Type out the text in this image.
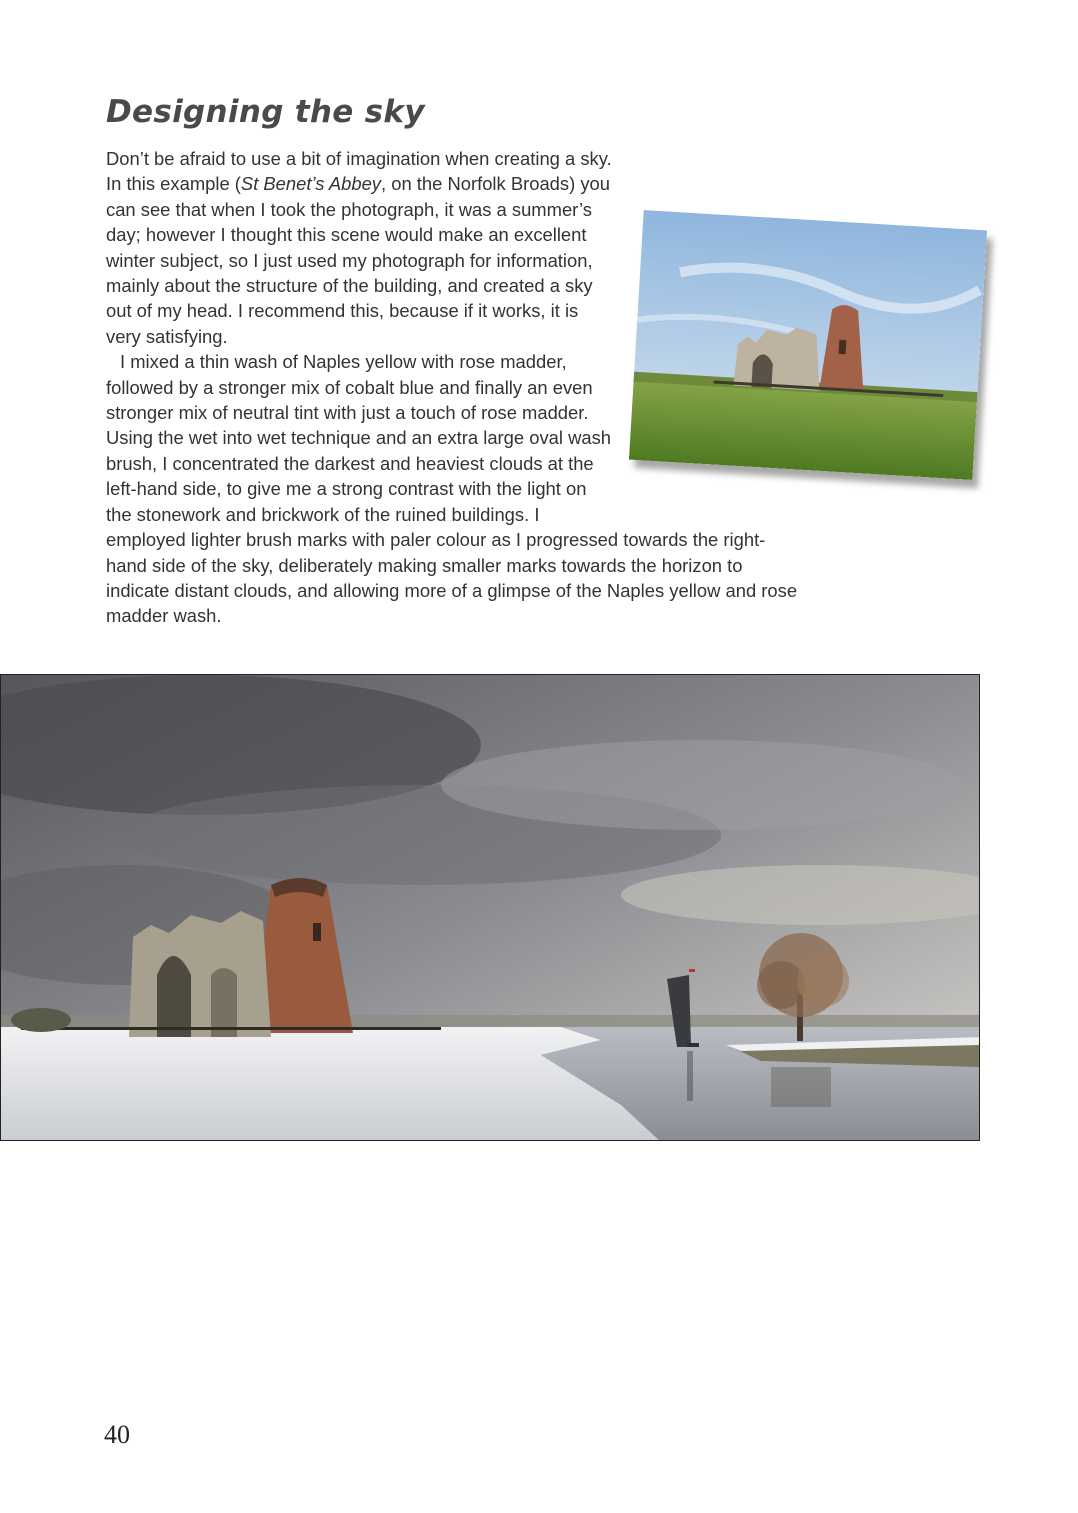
Designing the sky

Don’t be afraid to use a bit of imagination when creating a sky. In this example (St Benet’s Abbey, on the Norfolk Broads) you can see that when I took the photograph, it was a summer’s day; however I thought this scene would make an excellent winter subject, so I just used my photograph for information, mainly about the structure of the building, and created a sky out of my head. I recommend this, because if it works, it is very satisfying.

I mixed a thin wash of Naples yellow with rose madder, followed by a stronger mix of cobalt blue and finally an even stronger mix of neutral tint with just a touch of rose madder. Using the wet into wet technique and an extra large oval wash brush, I concentrated the darkest and heaviest clouds at the left-hand side, to give me a strong contrast with the light on the stonework and brickwork of the ruined buildings. I employed lighter brush marks with paler colour as I progressed towards the right-hand side of the sky, deliberately making smaller marks towards the horizon to indicate distant clouds, and allowing more of a glimpse of the Naples yellow and rose madder wash.

40
